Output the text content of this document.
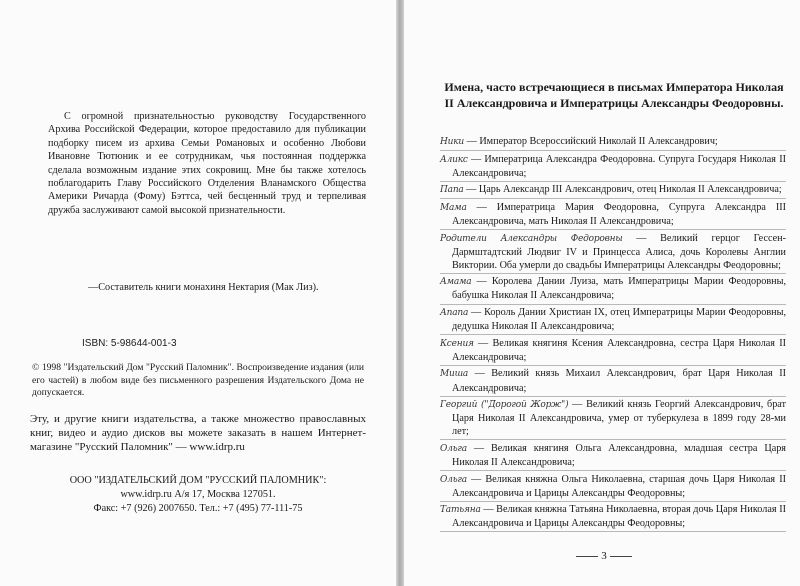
С огромной признательностью руководству Государственного Архива Российской Федерации, которое предоставило для публикации подборку писем из архива Семьи Романовых и особенно Любови Ивановне Тютюник и ее сотрудникам, чья постоянная поддержка сделала возможным издание этих сокровищ. Мне бы также хотелось поблагодарить Главу Российского Отделения Вланамского Общества Америки Ричарда (Фому) Бэттса, чей бесценный труд и терпеливая дружба заслуживают самой высокой признательности.

—Составитель книги монахиня Нектария (Мак Лиз).

ISBN: 5-98644-001-3

© 1998 "Издательский Дом "Русский Паломник". Воспроизведение издания (или его частей) в любом виде без письменного разрешения Издательского Дома не допускается.

Эту, и другие книги издательства, а также множество православных книг, видео и аудио дисков вы можете заказать в нашем Интернет-магазине "Русский Паломник" — www.idrp.ru

ООО "ИЗДАТЕЛЬСКИЙ ДОМ "РУССКИЙ ПАЛОМНИК":
www.idrp.ru А/я 17, Москва 127051.
Факс: +7 (926) 2007650. Тел.: +7 (495) 77-111-75

Имена, часто встречающиеся в письмах Императора Николая II Александровича и Императрицы Александры Феодоровны.

Ники — Император Всероссийский Николай II Александрович;
Аликс — Императрица Александра Феодоровна. Супруга Государя Николая II Александровича;
Папа — Царь Александр III Александрович, отец Николая II Александровича;
Мама — Императрица Мария Феодоровна, Супруга Александра III Александровича, мать Николая II Александровича;
Родители Александры Федоровны — Великий герцог Гессен-Дармштадтский Людвиг IV и Принцесса Алиса, дочь Королевы Англии Виктории. Оба умерли до свадьбы Императрицы Александры Феодоровны;
Амама — Королева Дании Луиза, мать Императрицы Марии Феодоровны, бабушка Николая II Александровича;
Апапа — Король Дании Христиан IX, отец Императрицы Марии Феодоровны, дедушка Николая II Александровича;
Ксения — Великая княгиня Ксения Александровна, сестра Царя Николая II Александровича;
Миша — Великий князь Михаил Александрович, брат Царя Николая II Александровича;
Георгий ("Дорогой Жорж") — Великий князь Георгий Александрович, брат Царя Николая II Александровича, умер от туберкулеза в 1899 году 28-ми лет;
Ольга — Великая княгиня Ольга Александровна, младшая сестра Царя Николая II Александровича;
Ольга — Великая княжна Ольга Николаевна, старшая дочь Царя Николая II Александровича и Царицы Александры Феодоровны;
Татьяна — Великая княжна Татьяна Николаевна, вторая дочь Царя Николая II Александровича и Царицы Александры Феодоровны;
3
